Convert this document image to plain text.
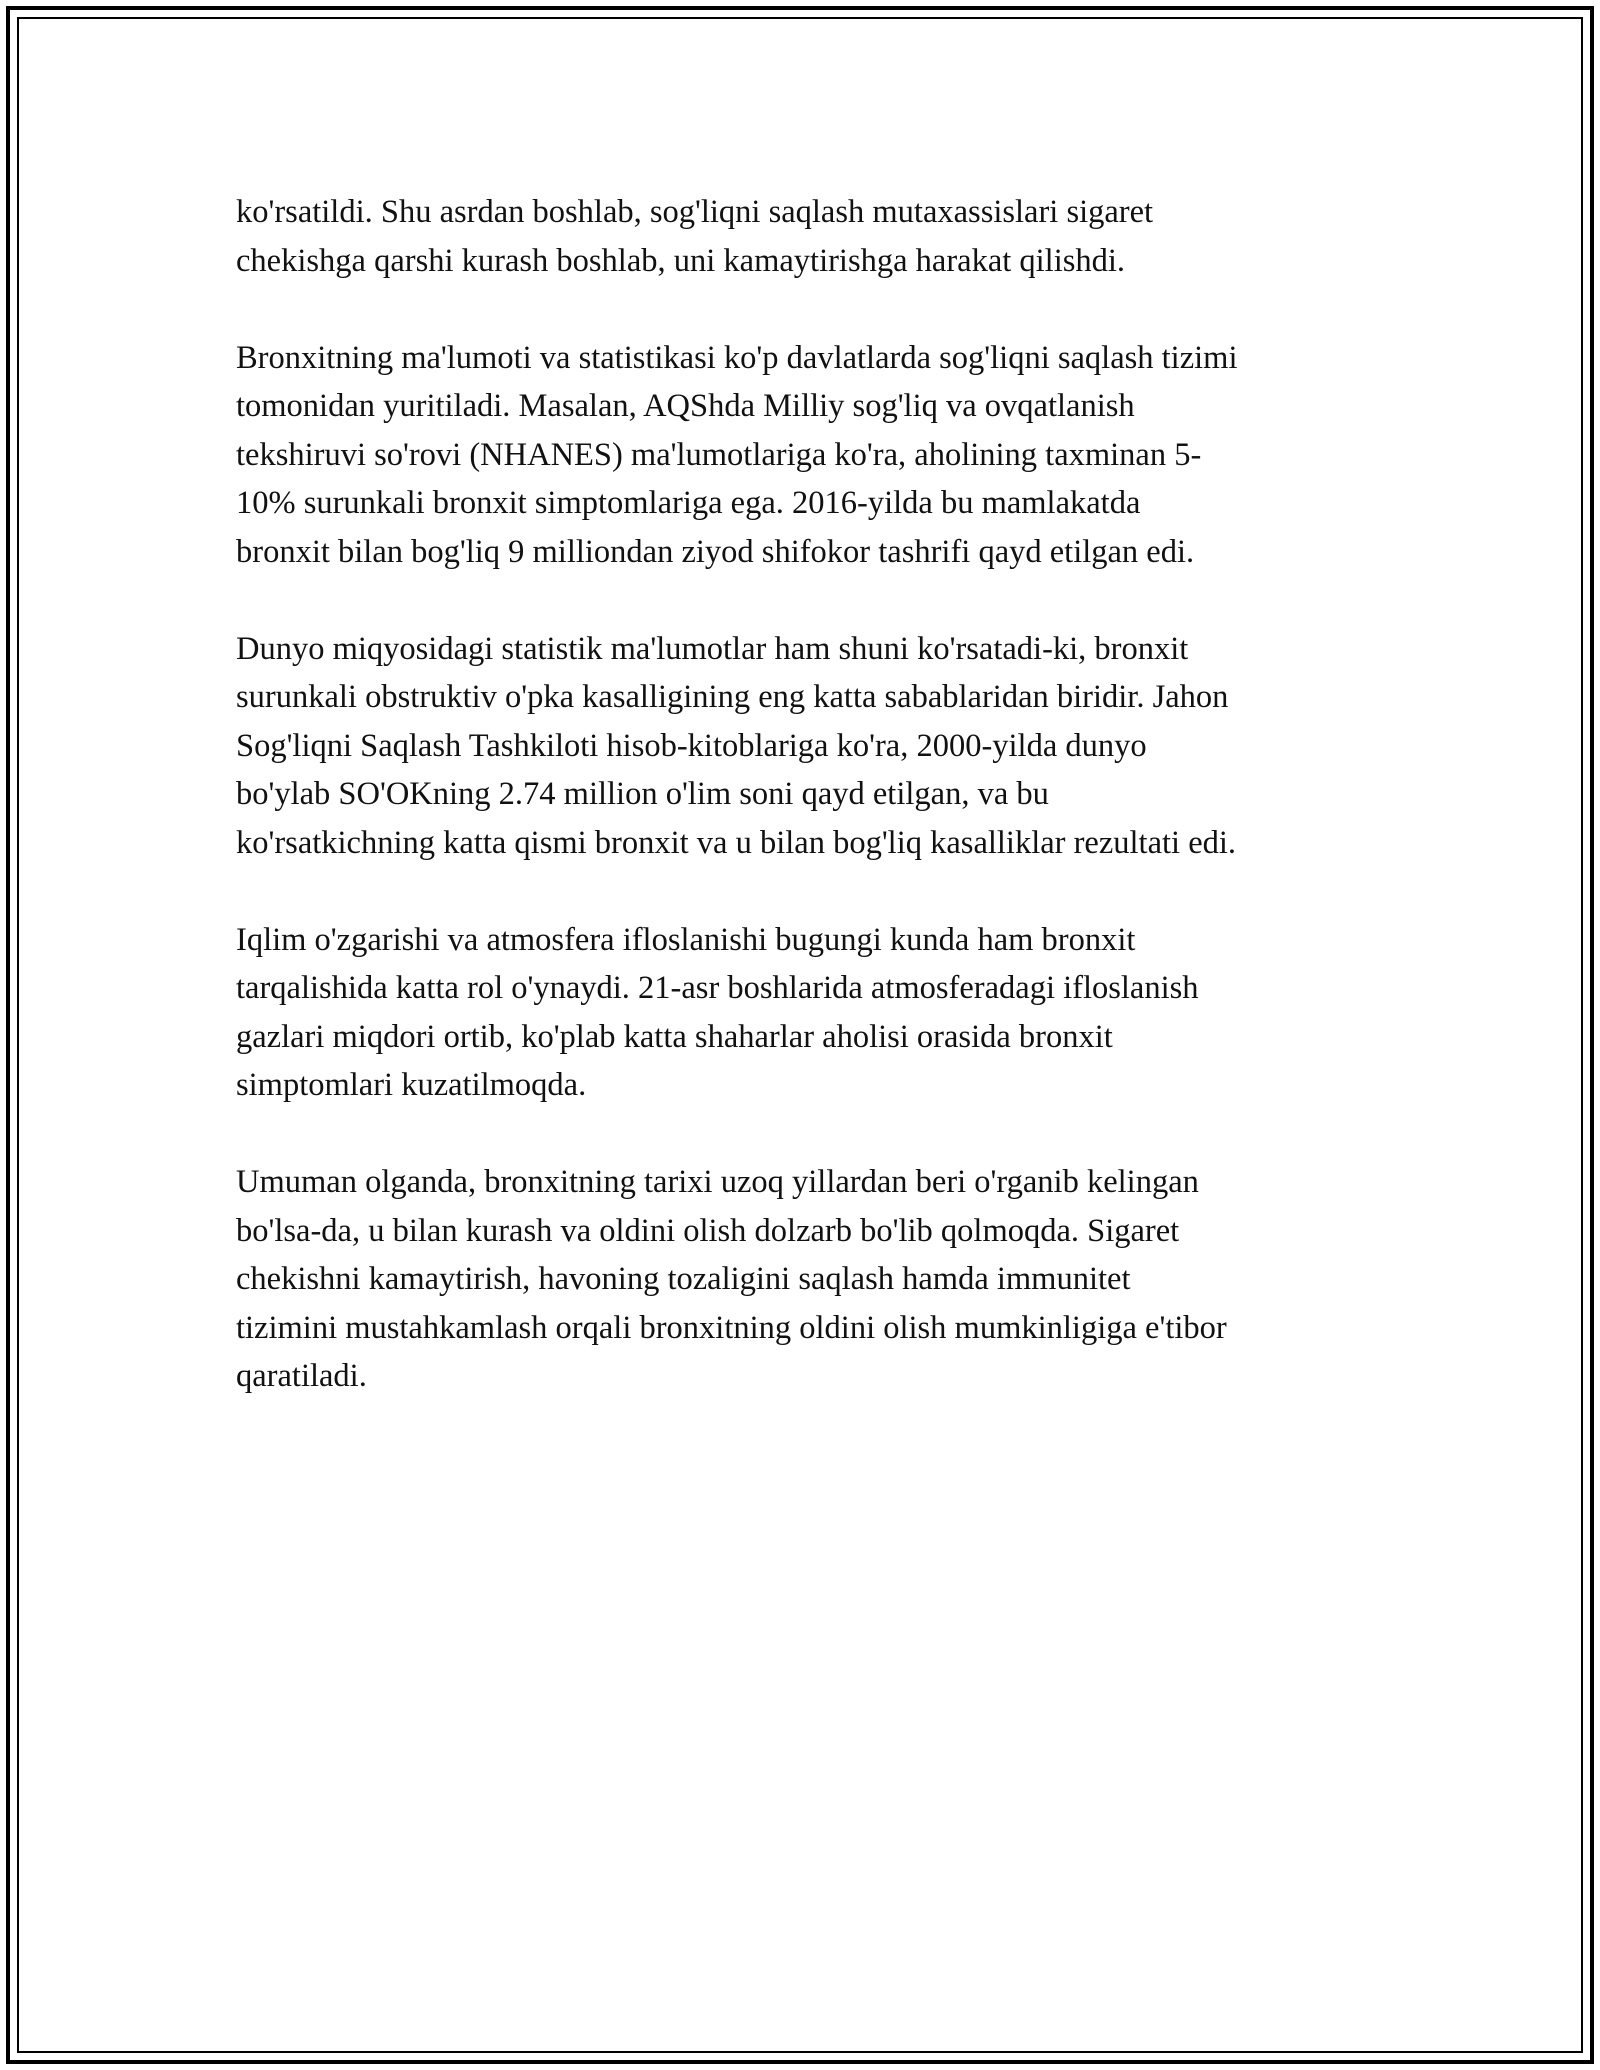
ko'rsatildi. Shu asrdan boshlab, sog'liqni saqlash mutaxassislari sigaret
chekishga qarshi kurash boshlab, uni kamaytirishga harakat qilishdi.

Bronxitning ma'lumoti va statistikasi ko'p davlatlarda sog'liqni saqlash tizimi
tomonidan yuritiladi. Masalan, AQShda Milliy sog'liq va ovqatlanish
tekshiruvi so'rovi (NHANES) ma'lumotlariga ko'ra, aholining taxminan 5-
10% surunkali bronxit simptomlariga ega. 2016-yilda bu mamlakatda
bronxit bilan bog'liq 9 milliondan ziyod shifokor tashrifi qayd etilgan edi.

Dunyo miqyosidagi statistik ma'lumotlar ham shuni ko'rsatadi-ki, bronxit
surunkali obstruktiv o'pka kasalligining eng katta sabablaridan biridir. Jahon
Sog'liqni Saqlash Tashkiloti hisob-kitoblariga ko'ra, 2000-yilda dunyo
bo'ylab SO'OKning 2.74 million o'lim soni qayd etilgan, va bu
ko'rsatkichning katta qismi bronxit va u bilan bog'liq kasalliklar rezultati edi.

Iqlim o'zgarishi va atmosfera ifloslanishi bugungi kunda ham bronxit
tarqalishida katta rol o'ynaydi. 21-asr boshlarida atmosferadagi ifloslanish
gazlari miqdori ortib, ko'plab katta shaharlar aholisi orasida bronxit
simptomlari kuzatilmoqda.

Umuman olganda, bronxitning tarixi uzoq yillardan beri o'rganib kelingan
bo'lsa-da, u bilan kurash va oldini olish dolzarb bo'lib qolmoqda. Sigaret
chekishni kamaytirish, havoning tozaligini saqlash hamda immunitet
tizimini mustahkamlash orqali bronxitning oldini olish mumkinligiga e'tibor
qaratiladi.
